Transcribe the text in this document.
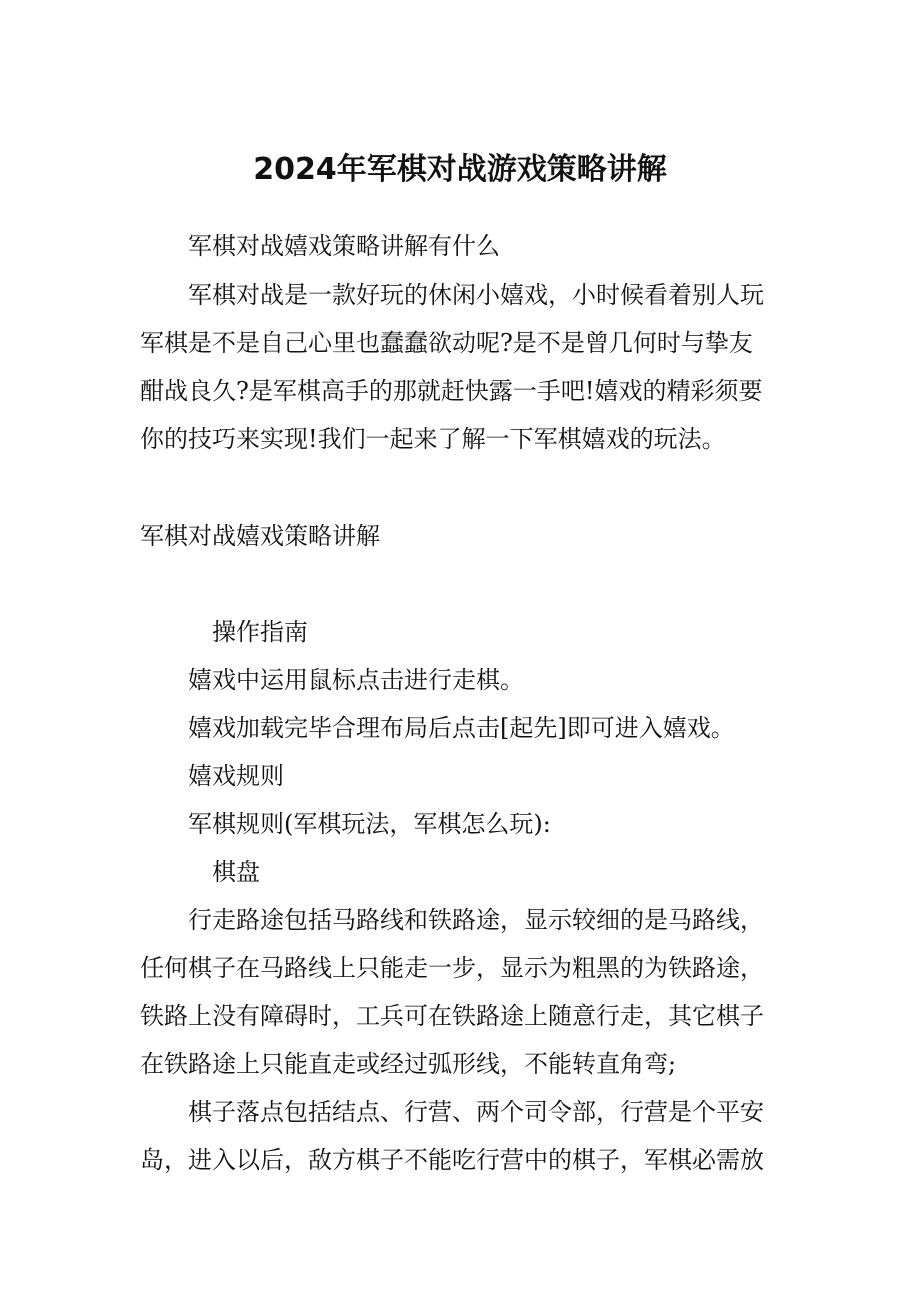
2024年军棋对战游戏策略讲解

军棋对战嬉戏策略讲解有什么

军棋对战是一款好玩的休闲小嬉戏，小时候看着别人玩
军棋是不是自己心里也蠢蠢欲动呢?是不是曾几何时与挚友
酣战良久?是军棋高手的那就赶快露一手吧!嬉戏的精彩须要
你的技巧来实现!我们一起来了解一下军棋嬉戏的玩法。

军棋对战嬉戏策略讲解

操作指南

嬉戏中运用鼠标点击进行走棋。

嬉戏加载完毕合理布局后点击[起先]即可进入嬉戏。

嬉戏规则

军棋规则(军棋玩法，军棋怎么玩):

棋盘

行走路途包括马路线和铁路途，显示较细的是马路线，
任何棋子在马路线上只能走一步，显示为粗黑的为铁路途，
铁路上没有障碍时，工兵可在铁路途上随意行走，其它棋子
在铁路途上只能直走或经过弧形线，不能转直角弯;
棋子落点包括结点、行营、两个司令部，行营是个平安
岛，进入以后，敌方棋子不能吃行营中的棋子，军棋必需放
